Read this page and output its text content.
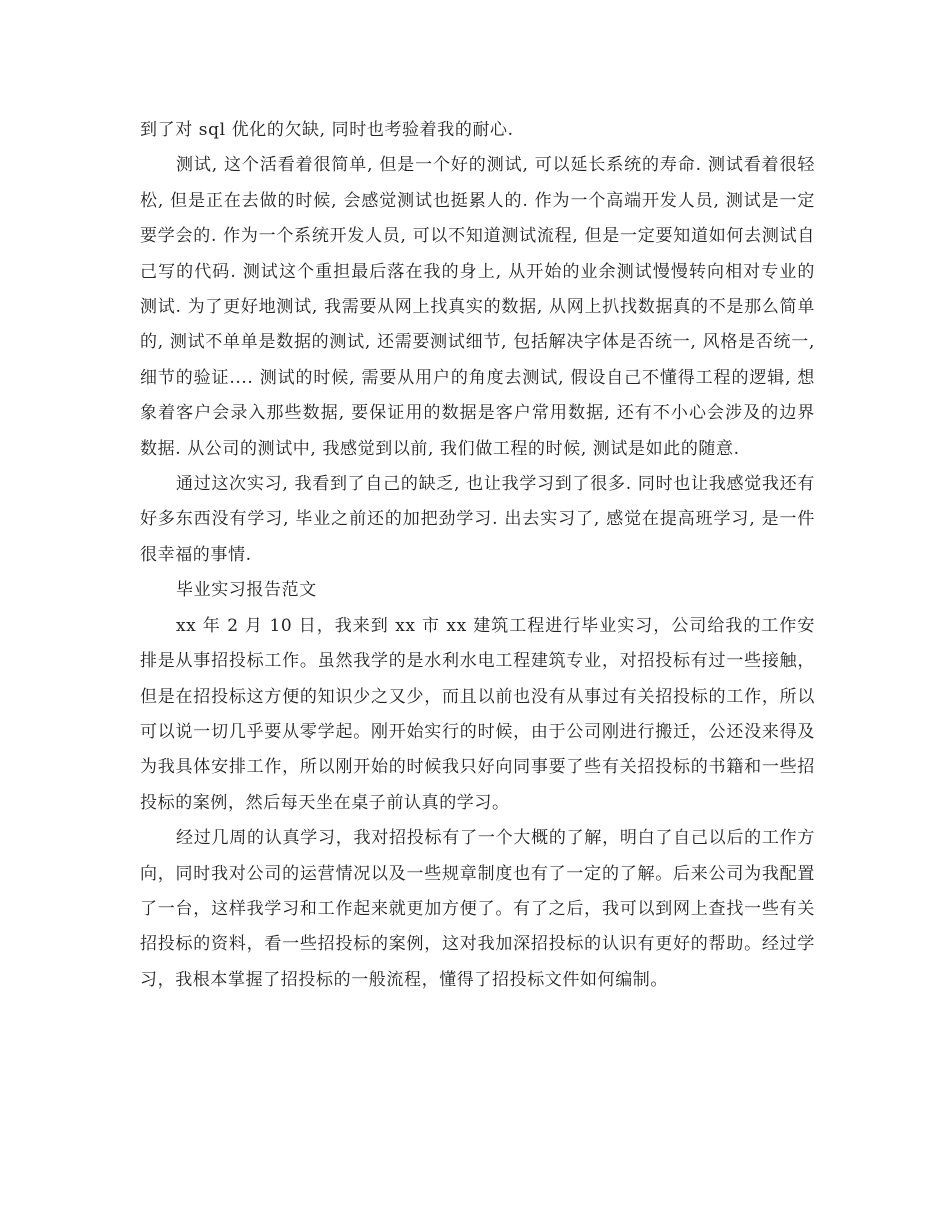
到了对 sql 优化的欠缺, 同时也考验着我的耐心.

测试, 这个活看着很简单, 但是一个好的测试, 可以延长系统的寿命. 测试看着很轻松, 但是正在去做的时候, 会感觉测试也挺累人的. 作为一个高端开发人员, 测试是一定要学会的. 作为一个系统开发人员, 可以不知道测试流程, 但是一定要知道如何去测试自己写的代码. 测试这个重担最后落在我的身上, 从开始的业余测试慢慢转向相对专业的测试. 为了更好地测试, 我需要从网上找真实的数据, 从网上扒找数据真的不是那么简单的, 测试不单单是数据的测试, 还需要测试细节, 包括解决字体是否统一, 风格是否统一, 细节的验证.... 测试的时候, 需要从用户的角度去测试, 假设自己不懂得工程的逻辑, 想象着客户会录入那些数据, 要保证用的数据是客户常用数据, 还有不小心会涉及的边界数据. 从公司的测试中, 我感觉到以前, 我们做工程的时候, 测试是如此的随意.

通过这次实习, 我看到了自己的缺乏, 也让我学习到了很多. 同时也让我感觉我还有好多东西没有学习, 毕业之前还的加把劲学习. 出去实习了, 感觉在提高班学习, 是一件很幸福的事情.

毕业实习报告范文

xx 年 2 月 10 日，我来到 xx 市 xx 建筑工程进行毕业实习，公司给我的工作安排是从事招投标工作。虽然我学的是水利水电工程建筑专业，对招投标有过一些接触，但是在招投标这方便的知识少之又少，而且以前也没有从事过有关招投标的工作，所以可以说一切几乎要从零学起。刚开始实行的时候，由于公司刚进行搬迁，公还没来得及为我具体安排工作，所以刚开始的时候我只好向同事要了些有关招投标的书籍和一些招投标的案例，然后每天坐在桌子前认真的学习。

经过几周的认真学习，我对招投标有了一个大概的了解，明白了自己以后的工作方向，同时我对公司的运营情况以及一些规章制度也有了一定的了解。后来公司为我配置了一台，这样我学习和工作起来就更加方便了。有了之后，我可以到网上查找一些有关招投标的资料，看一些招投标的案例，这对我加深招投标的认识有更好的帮助。经过学习，我根本掌握了招投标的一般流程，懂得了招投标文件如何编制。
